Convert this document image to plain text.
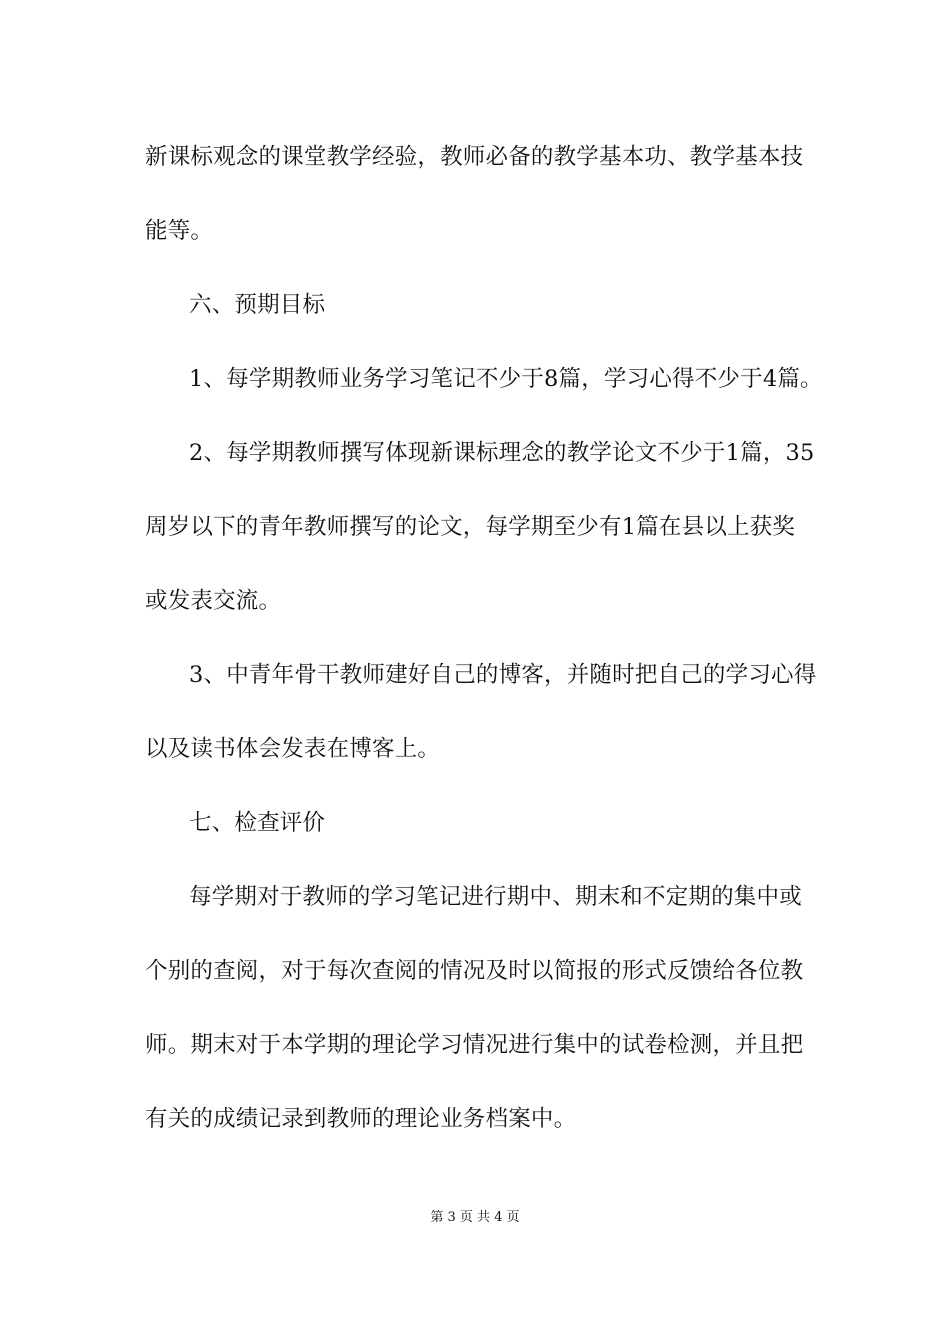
新课标观念的课堂教学经验，教师必备的教学基本功、教学基本技
能等。
六、预期目标
1、每学期教师业务学习笔记不少于8篇，学习心得不少于4篇。
2、每学期教师撰写体现新课标理念的教学论文不少于1篇，35
周岁以下的青年教师撰写的论文，每学期至少有1篇在县以上获奖
或发表交流。
3、中青年骨干教师建好自己的博客，并随时把自己的学习心得
以及读书体会发表在博客上。
七、检查评价
每学期对于教师的学习笔记进行期中、期末和不定期的集中或
个别的查阅，对于每次查阅的情况及时以简报的形式反馈给各位教
师。期末对于本学期的理论学习情况进行集中的试卷检测，并且把
有关的成绩记录到教师的理论业务档案中。
第 3 页 共 4 页
